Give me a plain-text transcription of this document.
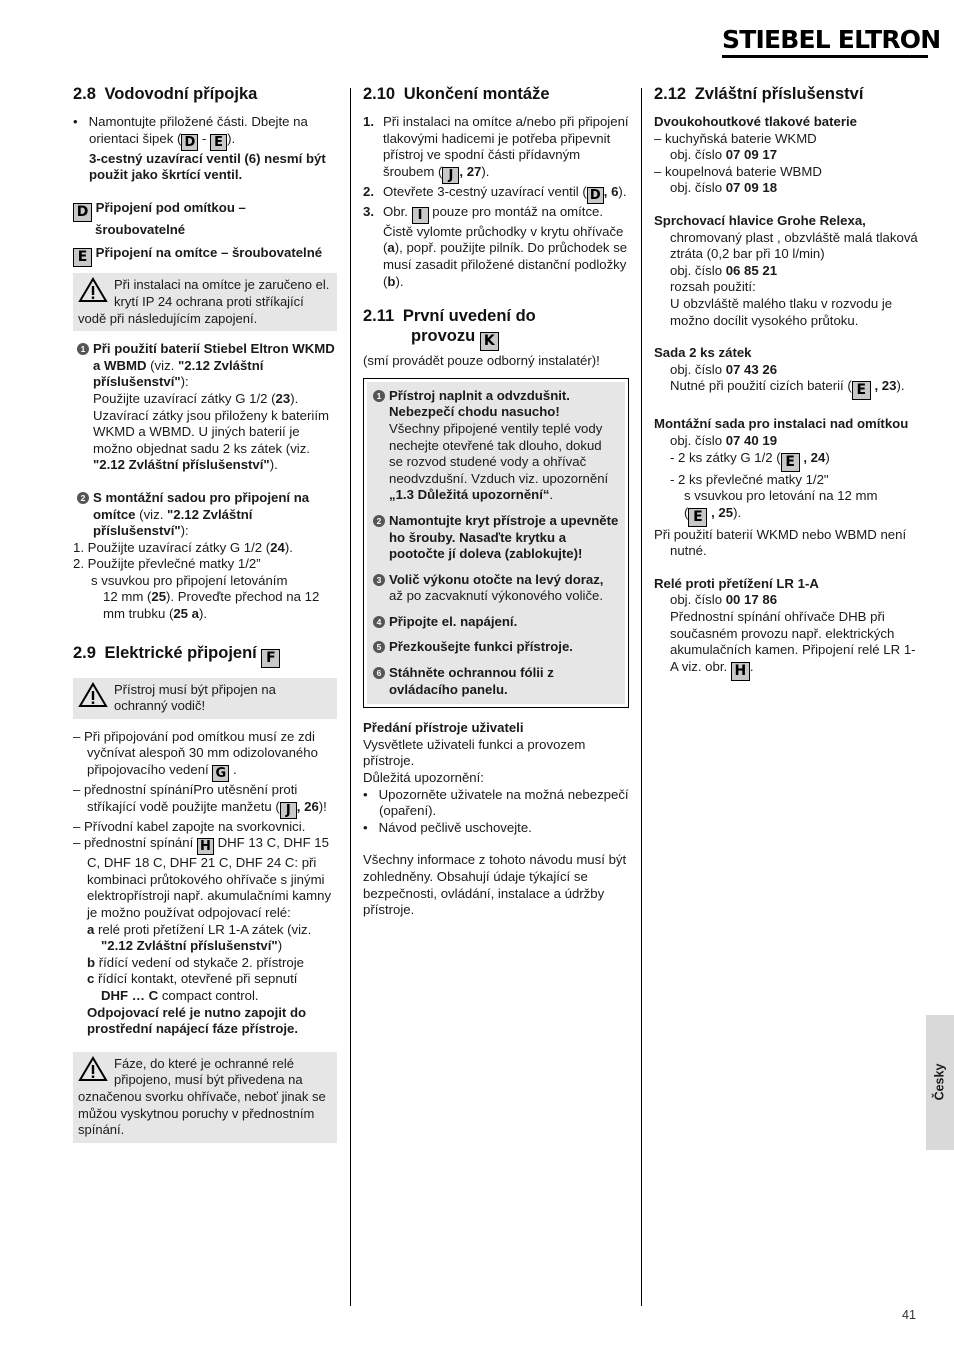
STIEBEL ELTRON
2.8 Vodovodní přípojka

•   Namontujte přiložené části. Dbejte na orientaci šipek ( D - E ).
3-cestný uzavírací ventil (6) nesmí být použit jako škrtící ventil.

D Připojení pod omítkou – šroubovatelné

E Připojení na omítce – šroubovatelné

Při instalaci na omítce je zaručeno el. krytí IP 24 ochrana proti stříkající vodě při následujícím zapojení.

1 Při použití baterií Stiebel Eltron WKMD a WBMD (viz. "2.12 Zvláštní příslušenství"):
Použijte uzavírací zátky G 1/2 (23). Uzavírací zátky jsou přiloženy k bateriím WKMD a WBMD. U jiných baterií je možno objednat sadu 2 ks zátek (viz. "2.12 Zvláštní příslušenství").

2 S montážní sadou pro připojení na omítce (viz. "2.12 Zvláštní příslušenství"):

1. Použijte uzavírací zátky G 1/2 (24).

2. Použijte převlečné matky 1/2”

s vsuvkou pro připojení letováním

12 mm (25). Proveďte přechod na 12 mm trubku (25 a).

2.9 Elektrické připojení F
Přístroj musí být připojen na ochranný vodič!

– Při připojování pod omítkou musí ze zdi vyčnívat alespoň 30 mm odizolovaného připojovacího vedení G .

– přednostní spínáníPro utěsnění proti stříkající vodě použijte manžetu ( J , 26)!

– Přívodní kabel zapojte na svorkovnici.

– přednostní spínání H DHF 13 C, DHF 15 C, DHF 18 C, DHF 21 C, DHF 24 C: při kombinaci průtokového ohřívače s jinými elektropřístroji např. akumulačními kamny je možno používat odpojovací relé:

a relé proti přetížení LR 1-A zátek (viz. "2.12 Zvláštní příslušenství")

b řídící vedení od stykače 2. přístroje

c řídící kontakt, otevřené při sepnutí
DHF … C compact control.

Odpojovací relé je nutno zapojit do prostřední napájecí fáze přístroje.

Fáze, do které je ochranné relé připojeno, musí být přivedena na označenou svorku ohřívače, neboť jinak se můžou vyskytnou poruchy v přednostním spínání.
2.10 Ukončení montáže

1. Při instalaci na omítce a/nebo při připojení tlakovými hadicemi je potřeba připevnit přístroj ve spodní části přídavným šroubem ( J , 27).

2. Otevřete 3-cestný uzavírací ventil ( D , 6).

3. Obr. I pouze pro montáž na omítce. Čistě vylomte průchodky v krytu ohřívače (a), popř. použijte pilník. Do průchodek se musí zasadit přiložené distanční podložky (b).

2.11 První uvedení do
provozu K

(smí provádět pouze odborný instalatér)!

1 Přístroj naplnit a odvzdušnit. Nebezpečí chodu nasucho!
Všechny připojené ventily teplé vody nechejte otevřené tak dlouho, dokud se rozvod studené vody a ohřívač neodvzdušní. Vzduch viz. upozornění „1.3 Důležitá upozornění“.

2 Namontujte kryt přístroje a upevněte ho šrouby. Nasaďte krytku a pootočte jí doleva (zablokujte)!

3 Volič výkonu otočte na levý doraz, až po zacvaknutí výkonového voliče.

4 Připojte el. napájení.

5 Přezkoušejte funkci přístroje.

6 Stáhněte ochrannou fólii z ovládacího panelu.

Předání přístroje uživateli

Vysvětlete uživateli funkci a provozem přístroje.

Důležitá upozornění:

•   Upozorněte uživatele na možná nebezpečí (opaření).

•   Návod pečlivě uschovejte.

Všechny informace z tohoto návodu musí být zohledněny. Obsahují údaje týkající se bezpečnosti, ovládání, instalace a údržby přístroje.

2.12 Zvláštní příslušenství

Dvoukohoutkové tlakové baterie

– kuchyňská baterie WKMD

obj. číslo 07 09 17

– koupelnová baterie WBMD

obj. číslo 07 09 18

Sprchovací hlavice Grohe Relexa,

chromovaný plast , obzvláště malá tlaková ztráta (0,2 bar při 10 l/min)

obj. číslo 06 85 21

rozsah použití:

U obzvláště malého tlaku v rozvodu je možno docílit vysokého průtoku.

Sada 2 ks zátek

obj. číslo 07 43 26

Nutné při použití cizích baterií ( E , 23).

Montážní sada pro instalaci nad omítkou

obj. číslo 07 40 19

- 2 ks zátky G 1/2 ( E , 24)

- 2 ks převlečné matky 1/2"

s vsuvkou pro letování na 12 mm

( E , 25).

Při použití baterií WKMD nebo WBMD není nutné.

Relé proti přetížení LR 1-A

obj. číslo 00 17 86

Přednostní spínání ohřívače DHB při současném provozu např. elektrických akumulačních kamen. Připojení relé LR 1-A viz. obr. H .

Česky
41
